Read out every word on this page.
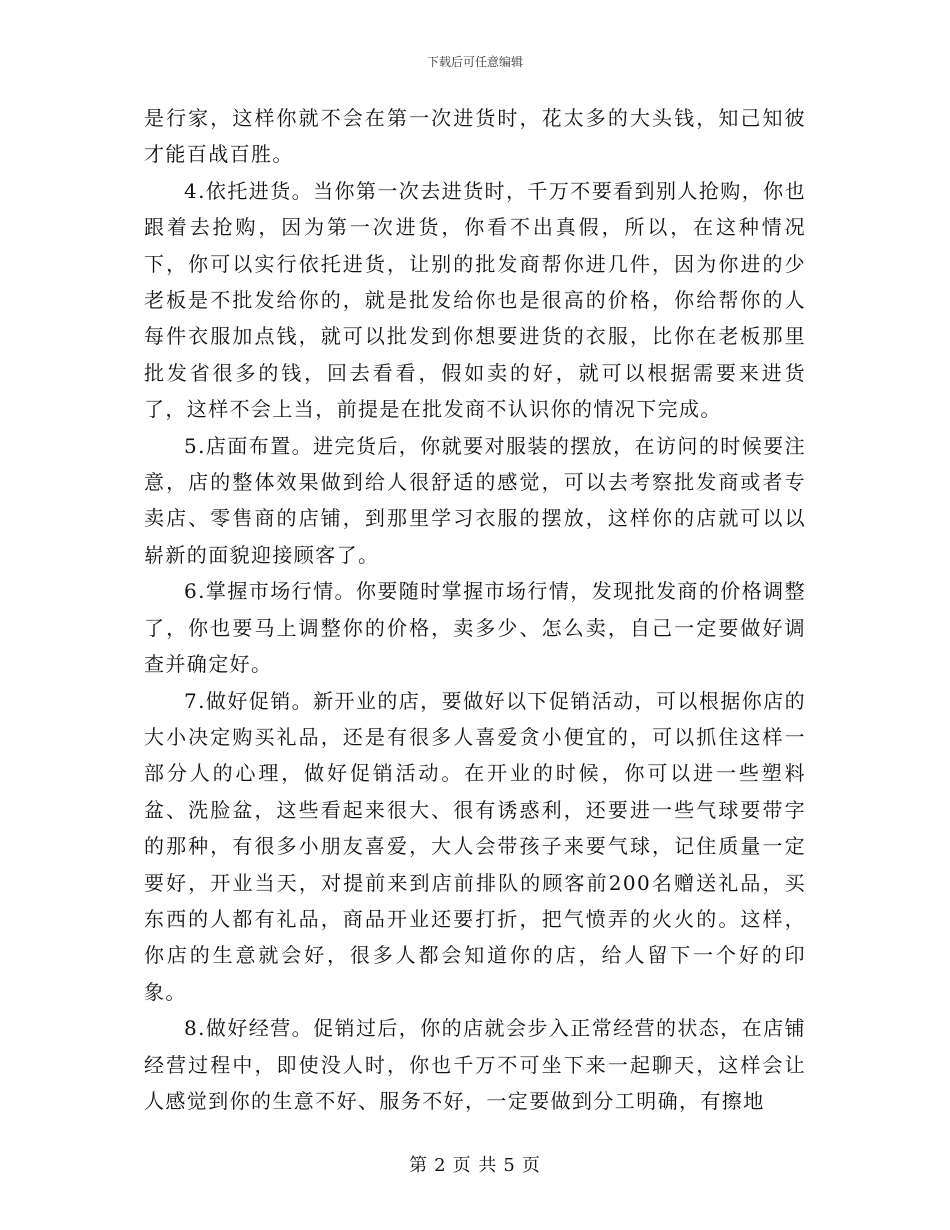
下载后可任意编辑

是行家，这样你就不会在第一次进货时，花太多的大头钱，知己知彼才能百战百胜。

4.依托进货。当你第一次去进货时，千万不要看到别人抢购，你也跟着去抢购，因为第一次进货，你看不出真假，所以，在这种情况下，你可以实行依托进货，让别的批发商帮你进几件，因为你进的少老板是不批发给你的，就是批发给你也是很高的价格，你给帮你的人每件衣服加点钱，就可以批发到你想要进货的衣服，比你在老板那里批发省很多的钱，回去看看，假如卖的好，就可以根据需要来进货了，这样不会上当，前提是在批发商不认识你的情况下完成。

5.店面布置。进完货后，你就要对服装的摆放，在访问的时候要注意，店的整体效果做到给人很舒适的感觉，可以去考察批发商或者专卖店、零售商的店铺，到那里学习衣服的摆放，这样你的店就可以以崭新的面貌迎接顾客了。

6.掌握市场行情。你要随时掌握市场行情，发现批发商的价格调整了，你也要马上调整你的价格，卖多少、怎么卖，自己一定要做好调查并确定好。

7.做好促销。新开业的店，要做好以下促销活动，可以根据你店的大小决定购买礼品，还是有很多人喜爱贪小便宜的，可以抓住这样一部分人的心理，做好促销活动。在开业的时候，你可以进一些塑料盆、洗脸盆，这些看起来很大、很有诱惑利，还要进一些气球要带字的那种，有很多小朋友喜爱，大人会带孩子来要气球，记住质量一定要好，开业当天，对提前来到店前排队的顾客前200名赠送礼品，买东西的人都有礼品，商品开业还要打折，把气愤弄的火火的。这样，你店的生意就会好，很多人都会知道你的店，给人留下一个好的印象。

8.做好经营。促销过后，你的店就会步入正常经营的状态，在店铺经营过程中，即使没人时，你也千万不可坐下来一起聊天，这样会让人感觉到你的生意不好、服务不好，一定要做到分工明确，有擦地

第 2 页 共 5 页
